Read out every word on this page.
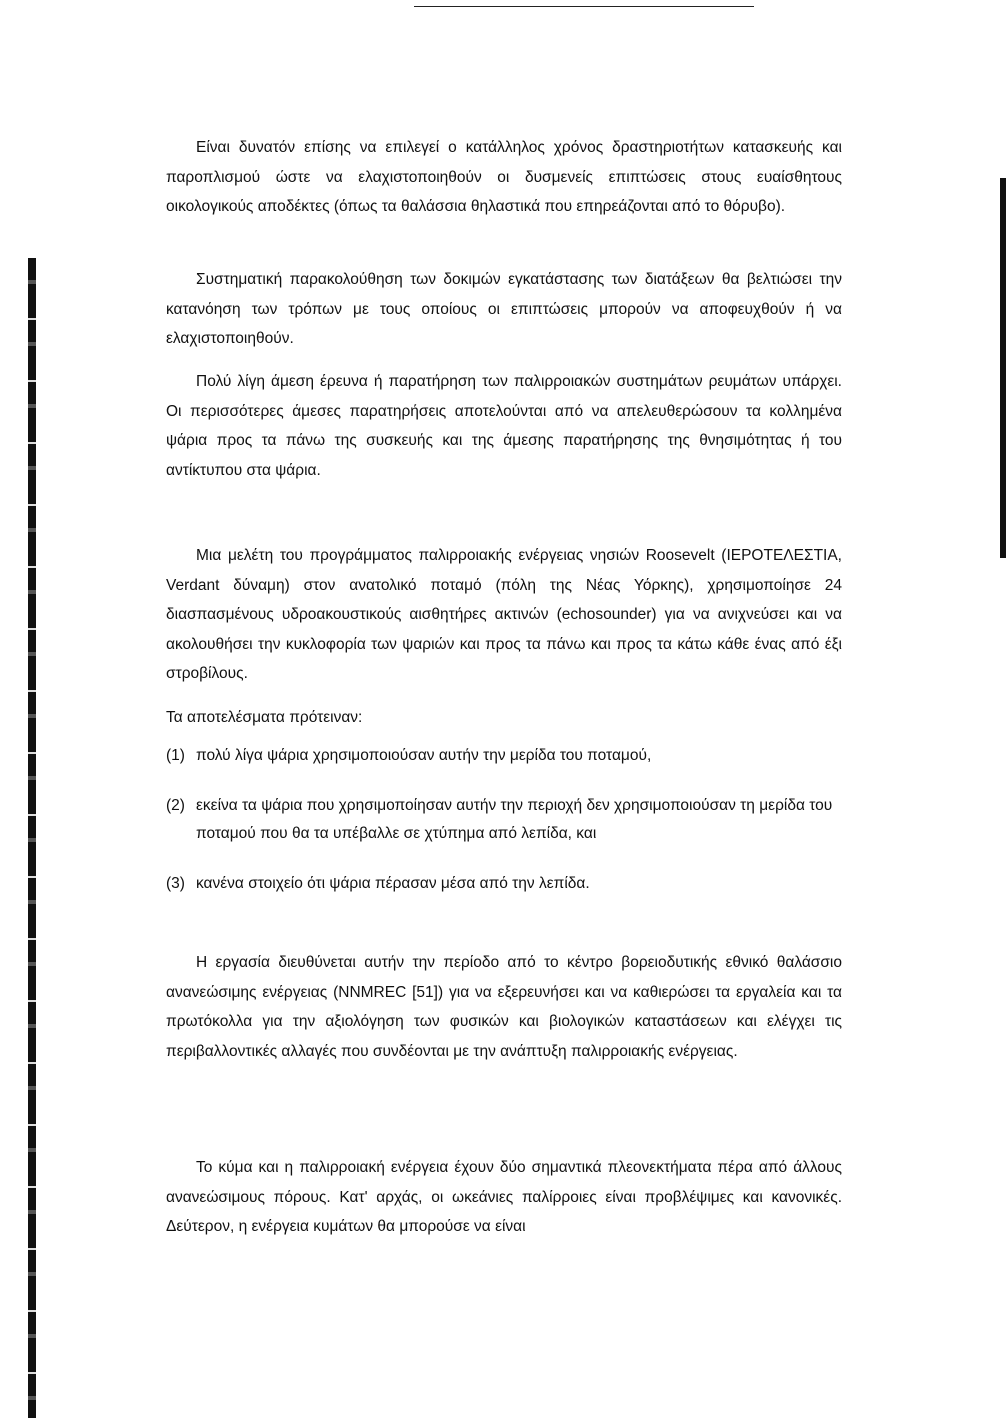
Είναι δυνατόν επίσης να επιλεγεί ο κατάλληλος χρόνος δραστηριοτήτων κατασκευής και παροπλισμού ώστε να ελαχιστοποιηθούν οι δυσμενείς επιπτώσεις στους ευαίσθητους οικολογικούς αποδέκτες (όπως τα θαλάσσια θηλαστικά που επηρεάζονται από το θόρυβο).

Συστηματική παρακολούθηση των δοκιμών εγκατάστασης των διατάξεων θα βελτιώσει την κατανόηση των τρόπων με τους οποίους οι επιπτώσεις μπορούν να αποφευχθούν ή να ελαχιστοποιηθούν.

Πολύ λίγη άμεση έρευνα ή παρατήρηση των παλιρροιακών συστημάτων ρευμάτων υπάρχει. Οι περισσότερες άμεσες παρατηρήσεις αποτελούνται από να απελευθερώσουν τα κολλημένα ψάρια προς τα πάνω της συσκευής και της άμεσης παρατήρησης της θνησιμότητας ή του αντίκτυπου στα ψάρια.

Μια μελέτη του προγράμματος παλιρροιακής ενέργειας νησιών Roosevelt (ΙΕΡΟΤΕΛΕΣΤΙΑ, Verdant δύναμη) στον ανατολικό ποταμό (πόλη της Νέας Υόρκης), χρησιμοποίησε 24 διασπασμένους υδροακουστικούς αισθητήρες ακτινών (echosounder) για να ανιχνεύσει και να ακολουθήσει την κυκλοφορία των ψαριών και προς τα πάνω και προς τα κάτω κάθε ένας από έξι στροβίλους.

Τα αποτελέσματα πρότειναν:

(1) πολύ λίγα ψάρια χρησιμοποιούσαν αυτήν την μερίδα του ποταμού,
(2) εκείνα τα ψάρια που χρησιμοποίησαν αυτήν την περιοχή δεν χρησιμοποιούσαν τη μερίδα του ποταμού που θα τα υπέβαλλε σε χτύπημα από λεπίδα, και
(3) κανένα στοιχείο ότι ψάρια πέρασαν μέσα από την λεπίδα.

Η εργασία διευθύνεται αυτήν την περίοδο από το κέντρο βορειοδυτικής εθνικό θαλάσσιο ανανεώσιμης ενέργειας (NNMREC [51]) για να εξερευνήσει και να καθιερώσει τα εργαλεία και τα πρωτόκολλα για την αξιολόγηση των φυσικών και βιολογικών καταστάσεων και ελέγχει τις περιβαλλοντικές αλλαγές που συνδέονται με την ανάπτυξη παλιρροιακής ενέργειας.

Το κύμα και η παλιρροιακή ενέργεια έχουν δύο σημαντικά πλεονεκτήματα πέρα από άλλους ανανεώσιμους πόρους. Κατ' αρχάς, οι ωκεάνιες παλίρροιες είναι προβλέψιμες και κανονικές. Δεύτερον, η ενέργεια κυμάτων θα μπορούσε να είναι
